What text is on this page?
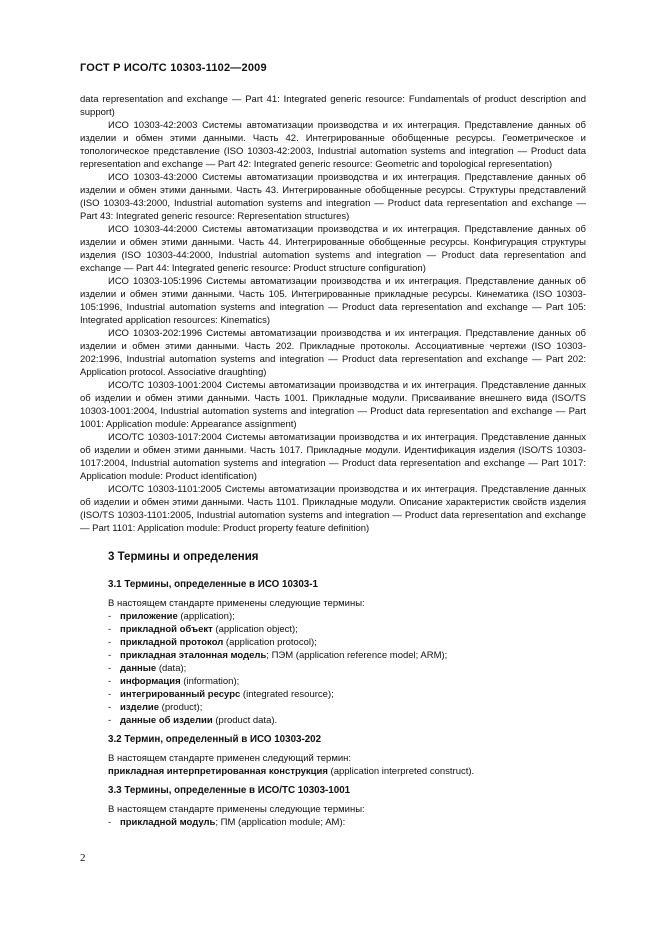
ГОСТ Р ИСО/ТС 10303-1102—2009

data representation and exchange — Part 41: Integrated generic resource: Fundamentals of product description and support)

ИСО 10303-42:2003 Системы автоматизации производства и их интеграция. Представление данных об изделии и обмен этими данными. Часть 42. Интегрированные обобщенные ресурсы. Геометрическое и топологическое представление (ISO 10303-42:2003, Industrial automation systems and integration — Product data representation and exchange — Part 42: Integrated generic resource: Geometric and topological representation)

ИСО 10303-43:2000 Системы автоматизации производства и их интеграция. Представление данных об изделии и обмен этими данными. Часть 43. Интегрированные обобщенные ресурсы. Структуры представлений (ISO 10303-43:2000, Industrial automation systems and integration — Product data representation and exchange — Part 43: Integrated generic resource: Representation structures)

ИСО 10303-44:2000 Системы автоматизации производства и их интеграция. Представление данных об изделии и обмен этими данными. Часть 44. Интегрированные обобщенные ресурсы. Конфигурация структуры изделия (ISO 10303-44:2000, Industrial automation systems and integration — Product data representation and exchange — Part 44: Integrated generic resource: Product structure configuration)

ИСО 10303-105:1996 Системы автоматизации производства и их интеграция. Представление данных об изделии и обмен этими данными. Часть 105. Интегрированные прикладные ресурсы. Кинематика (ISO 10303-105:1996, Industrial automation systems and integration — Product data representation and exchange — Part 105: Integrated application resources: Kinematics)

ИСО 10303-202:1996 Системы автоматизации производства и их интеграция. Представление данных об изделии и обмен этими данными. Часть 202. Прикладные протоколы. Ассоциативные чертежи (ISO 10303-202:1996, Industrial automation systems and integration — Product data representation and exchange — Part 202: Application protocol. Associative draughting)

ИСО/ТС 10303-1001:2004 Системы автоматизации производства и их интеграция. Представление данных об изделии и обмен этими данными. Часть 1001. Прикладные модули. Присваивание внешнего вида (ISO/TS 10303-1001:2004, Industrial automation systems and integration — Product data representation and exchange — Part 1001: Application module: Appearance assignment)

ИСО/ТС 10303-1017:2004 Системы автоматизации производства и их интеграция. Представление данных об изделии и обмен этими данными. Часть 1017. Прикладные модули. Идентификация изделия (ISO/TS 10303-1017:2004, Industrial automation systems and integration — Product data representation and exchange — Part 1017: Application module: Product identification)

ИСО/ТС 10303-1101:2005 Системы автоматизации производства и их интеграция. Представление данных об изделии и обмен этими данными. Часть 1101. Прикладные модули. Описание характеристик свойств изделия (ISO/TS 10303-1101:2005, Industrial automation systems and integration — Product data representation and exchange — Part 1101: Application module: Product property feature definition)

3 Термины и определения
3.1 Термины, определенные в ИСО 10303-1
В настоящем стандарте применены следующие термины:
- приложение (application);
- прикладной объект (application object);
- прикладной протокол (application protocol);
- прикладная эталонная модель; ПЭМ (application reference model; ARM);
- данные (data);
- информация (information);
- интегрированный ресурс (integrated resource);
- изделие (product);
- данные об изделии (product data).
3.2 Термин, определенный в ИСО 10303-202
В настоящем стандарте применен следующий термин:
прикладная интерпретированная конструкция (application interpreted construct).
3.3 Термины, определенные в ИСО/ТС 10303-1001
В настоящем стандарте применены следующие термины:
- прикладной модуль; ПМ (application module; AM):
2
